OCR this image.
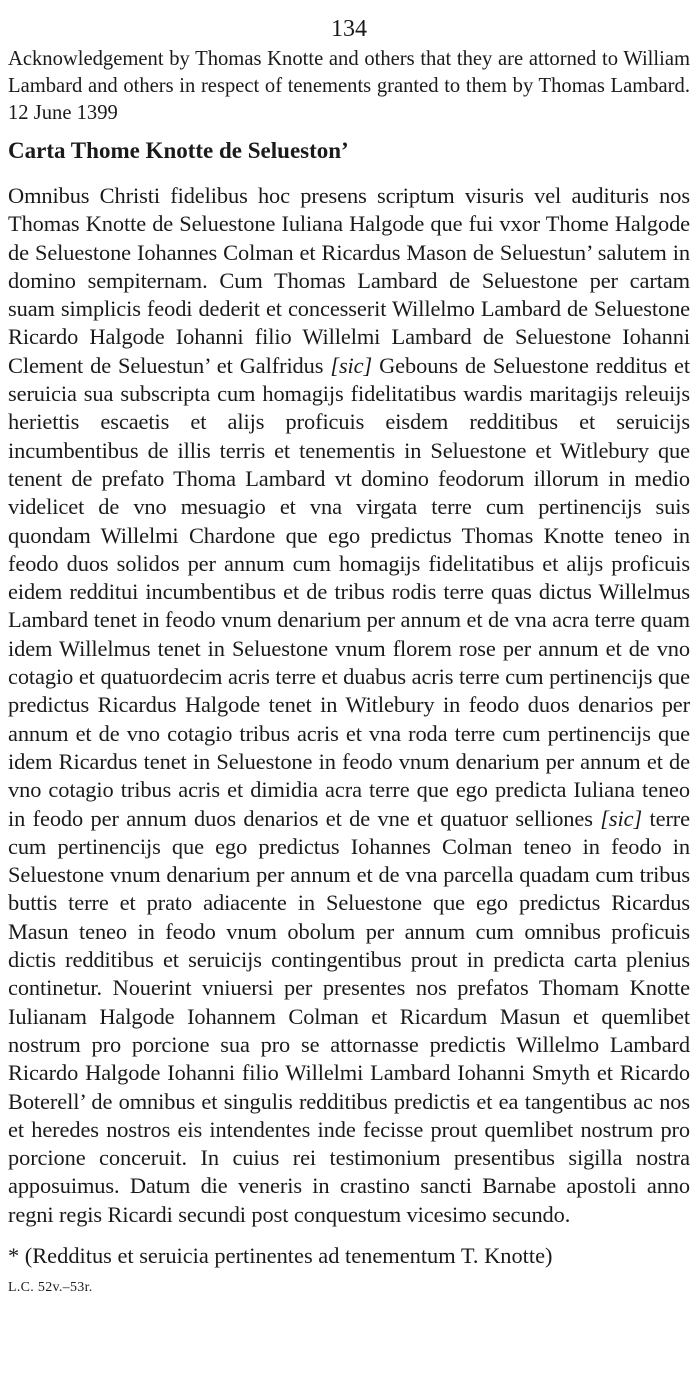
134

Acknowledgement by Thomas Knotte and others that they are attorned to William Lambard and others in respect of tenements granted to them by Thomas Lambard. 12 June 1399

Carta Thome Knotte de Selueston’

Omnibus Christi fidelibus hoc presens scriptum visuris vel audituris nos Thomas Knotte de Seluestone Iuliana Halgode que fui vxor Thome Halgode de Seluestone Iohannes Colman et Ricardus Mason de Seluestun’ salutem in domino sempiternam. Cum Thomas Lambard de Seluestone per cartam suam simplicis feodi dederit et concesserit Willelmo Lambard de Seluestone Ricardo Halgode Iohanni filio Willelmi Lambard de Seluestone Iohanni Clement de Seluestun’ et Galfridus [sic] Gebouns de Seluestone redditus et seruicia sua subscripta cum homagijs fidelitatibus wardis maritagijs releuijs heriettis escaetis et alijs proficuis eisdem redditibus et seruicijs incumbentibus de illis terris et tenementis in Seluestone et Witlebury que tenent de prefato Thoma Lambard vt domino feodorum illorum in medio videlicet de vno mesuagio et vna virgata terre cum pertinencijs suis quondam Willelmi Chardone que ego predictus Thomas Knotte teneo in feodo duos solidos per annum cum homagijs fidelitatibus et alijs proficuis eidem redditui incumbentibus et de tribus rodis terre quas dictus Willelmus Lambard tenet in feodo vnum denarium per annum et de vna acra terre quam idem Willelmus tenet in Seluestone vnum florem rose per annum et de vno cotagio et quatuordecim acris terre et duabus acris terre cum pertinencijs que predictus Ricardus Halgode tenet in Witlebury in feodo duos denarios per annum et de vno cotagio tribus acris et vna roda terre cum pertinencijs que idem Ricardus tenet in Seluestone in feodo vnum denarium per annum et de vno cotagio tribus acris et dimidia acra terre que ego predicta Iuliana teneo in feodo per annum duos denarios et de vne et quatuor selliones [sic] terre cum pertinencijs que ego predictus Iohannes Colman teneo in feodo in Seluestone vnum denarium per annum et de vna parcella quadam cum tribus buttis terre et prato adiacente in Seluestone que ego predictus Ricardus Masun teneo in feodo vnum obolum per annum cum omnibus proficuis dictis redditibus et seruicijs contingentibus prout in predicta carta plenius continetur. Nouerint vniuersi per presentes nos prefatos Thomam Knotte Iulianam Halgode Iohannem Colman et Ricardum Masun et quemlibet nostrum pro porcione sua pro se attornasse predictis Willelmo Lambard Ricardo Halgode Iohanni filio Willelmi Lambard Iohanni Smyth et Ricardo Boterell’ de omnibus et singulis redditibus predictis et ea tangentibus ac nos et heredes nostros eis intendentes inde fecisse prout quemlibet nostrum pro porcione conceruit. In cuius rei testimonium presentibus sigilla nostra apposuimus. Datum die veneris in crastino sancti Barnabe apostoli anno regni regis Ricardi secundi post conquestum vicesimo secundo.

* (Redditus et seruicia pertinentes ad tenementum T. Knotte)

L.C. 52v.–53r.
